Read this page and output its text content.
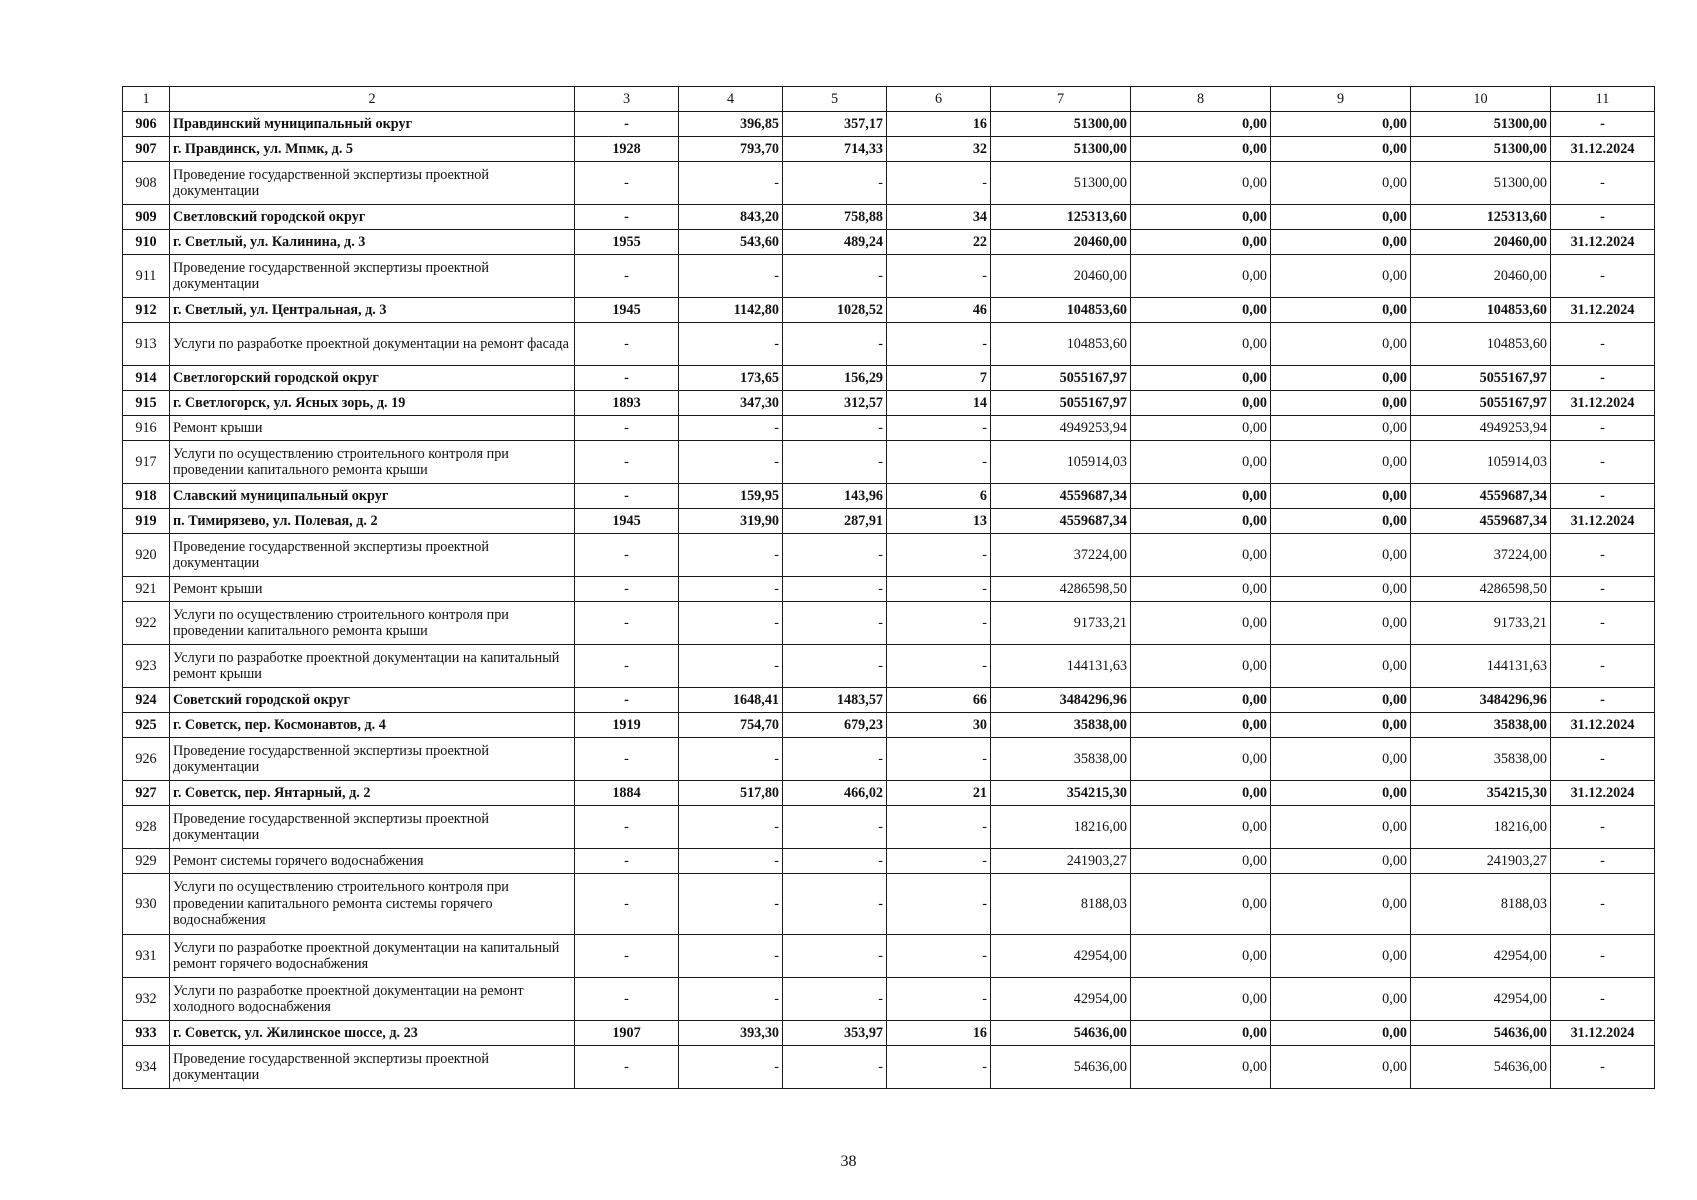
1	2	3	4	5	6	7	8	9	10	11
906	Правдинский муниципальный округ	-	396,85	357,17	16	51300,00	0,00	0,00	51300,00	-
907	г. Правдинск, ул. Мпмк, д. 5	1928	793,70	714,33	32	51300,00	0,00	0,00	51300,00	31.12.2024
908	Проведение государственной экспертизы проектной документации	-	-	-	-	51300,00	0,00	0,00	51300,00	-
909	Светловский городской округ	-	843,20	758,88	34	125313,60	0,00	0,00	125313,60	-
910	г. Светлый, ул. Калинина, д. 3	1955	543,60	489,24	22	20460,00	0,00	0,00	20460,00	31.12.2024
911	Проведение государственной экспертизы проектной документации	-	-	-	-	20460,00	0,00	0,00	20460,00	-
912	г. Светлый, ул. Центральная, д. 3	1945	1142,80	1028,52	46	104853,60	0,00	0,00	104853,60	31.12.2024
913	Услуги по разработке проектной документации на ремонт фасада	-	-	-	-	104853,60	0,00	0,00	104853,60	-
914	Светлогорский городской округ	-	173,65	156,29	7	5055167,97	0,00	0,00	5055167,97	-
915	г. Светлогорск, ул. Ясных зорь, д. 19	1893	347,30	312,57	14	5055167,97	0,00	0,00	5055167,97	31.12.2024
916	Ремонт крыши	-	-	-	-	4949253,94	0,00	0,00	4949253,94	-
917	Услуги по осуществлению строительного контроля при проведении капитального ремонта крыши	-	-	-	-	105914,03	0,00	0,00	105914,03	-
918	Славский муниципальный округ	-	159,95	143,96	6	4559687,34	0,00	0,00	4559687,34	-
919	п. Тимирязево, ул. Полевая, д. 2	1945	319,90	287,91	13	4559687,34	0,00	0,00	4559687,34	31.12.2024
920	Проведение государственной экспертизы проектной документации	-	-	-	-	37224,00	0,00	0,00	37224,00	-
921	Ремонт крыши	-	-	-	-	4286598,50	0,00	0,00	4286598,50	-
922	Услуги по осуществлению строительного контроля при проведении капитального ремонта крыши	-	-	-	-	91733,21	0,00	0,00	91733,21	-
923	Услуги по разработке проектной документации на капитальный ремонт крыши	-	-	-	-	144131,63	0,00	0,00	144131,63	-
924	Советский городской округ	-	1648,41	1483,57	66	3484296,96	0,00	0,00	3484296,96	-
925	г. Советск, пер. Космонавтов, д. 4	1919	754,70	679,23	30	35838,00	0,00	0,00	35838,00	31.12.2024
926	Проведение государственной экспертизы проектной документации	-	-	-	-	35838,00	0,00	0,00	35838,00	-
927	г. Советск, пер. Янтарный, д. 2	1884	517,80	466,02	21	354215,30	0,00	0,00	354215,30	31.12.2024
928	Проведение государственной экспертизы проектной документации	-	-	-	-	18216,00	0,00	0,00	18216,00	-
929	Ремонт системы горячего водоснабжения	-	-	-	-	241903,27	0,00	0,00	241903,27	-
930	Услуги по осуществлению строительного контроля при проведении капитального ремонта системы горячего водоснабжения	-	-	-	-	8188,03	0,00	0,00	8188,03	-
931	Услуги по разработке проектной документации на капитальный ремонт горячего водоснабжения	-	-	-	-	42954,00	0,00	0,00	42954,00	-
932	Услуги по разработке проектной документации на ремонт холодного водоснабжения	-	-	-	-	42954,00	0,00	0,00	42954,00	-
933	г. Советск, ул. Жилинское шоссе, д. 23	1907	393,30	353,97	16	54636,00	0,00	0,00	54636,00	31.12.2024
934	Проведение государственной экспертизы проектной документации	-	-	-	-	54636,00	0,00	0,00	54636,00	-
38
